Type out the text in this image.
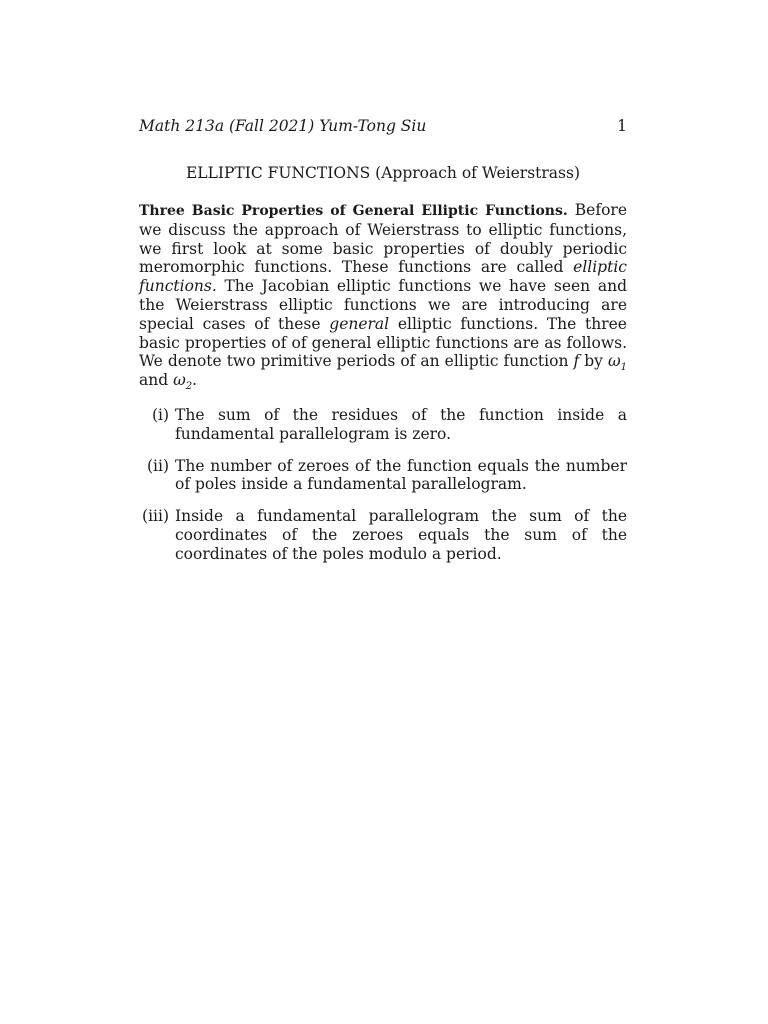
Math 213a (Fall 2021) Yum-Tong Siu	1
ELLIPTIC FUNCTIONS (Approach of Weierstrass)

Three Basic Properties of General Elliptic Functions. Before we discuss the approach of Weierstrass to elliptic functions, we first look at some basic properties of doubly periodic meromorphic functions. These functions are called elliptic functions. The Jacobian elliptic functions we have seen and the Weierstrass elliptic functions we are introducing are special cases of these general elliptic functions. The three basic properties of of general elliptic functions are as follows. We denote two primitive periods of an elliptic function f by $\omega_1$ and $\omega_2$.

(i) The sum of the residues of the function inside a fundamental parallelogram is zero.
(ii) The number of zeroes of the function equals the number of poles inside a fundamental parallelogram.
(iii) Inside a fundamental parallelogram the sum of the coordinates of the zeroes equals the sum of the coordinates of the poles modulo a period.
